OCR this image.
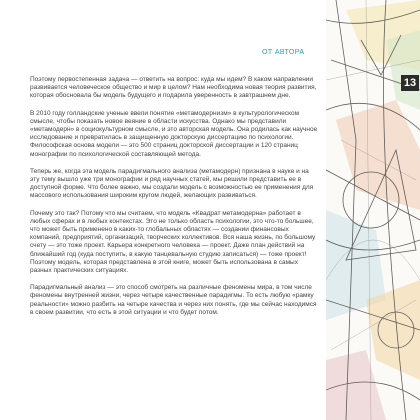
ОТ АВТОРА
13

Поэтому первостепенная задача — ответить на вопрос: куда мы идем? В каком направлении развивается человеческое общество и мир в целом? Нам необходима новая теория развития, которая обосновала бы модель будущего и подарила уверенность в завтрашнем дне.

В 2010 году голландские ученые ввели понятие «метамодернизм» в культурологическом смысле, чтобы показать новое веяние в области искусства. Однако мы представили «метамодерн» в социокультурном смысле, и это авторская модель. Она родилась как научное исследование и превратилась в защищенную докторскую диссертацию по психологии. Философская основа модели — это 500 страниц докторской диссертации и 120 страниц монографии по психологической составляющей метода.

Теперь же, когда эта модель парадигмального анализа (метамодерн) признана в науке и на эту тему вышло уже три монографии и ряд научных статей, мы решили представить ее в доступной форме. Что более важно, мы создали модель с возможностью ее применения для массового использования широким кругом людей, желающих развиваться.

Почему это так? Потому что мы считаем, что модель «Квадрат метамодерна» работает в любых сферах и в любых контекстах. Это не только область психологии, это что-то большее, что может быть применено в каких-то глобальных областях — создании финансовых компаний, предприятий, организаций, творческих коллективов. Вся наша жизнь, по большому счету — это тоже проект. Карьера конкретного человека — проект. Даже план действий на ближайший год (куда поступить, в какую танцевальную студию записаться) — тоже проект! Поэтому модель, которая представлена в этой книге, может быть использована в самых разных практических ситуациях.

Парадигмальный анализ — это способ смотреть на различные феномены мира, в том числе феномены внутренней жизни, через четыре качественные парадигмы. То есть любую «рамку реальности» можно разбить на четыре качества и через них понять, где мы сейчас находимся в своем развитии, что есть в этой ситуации и что будет потом.
